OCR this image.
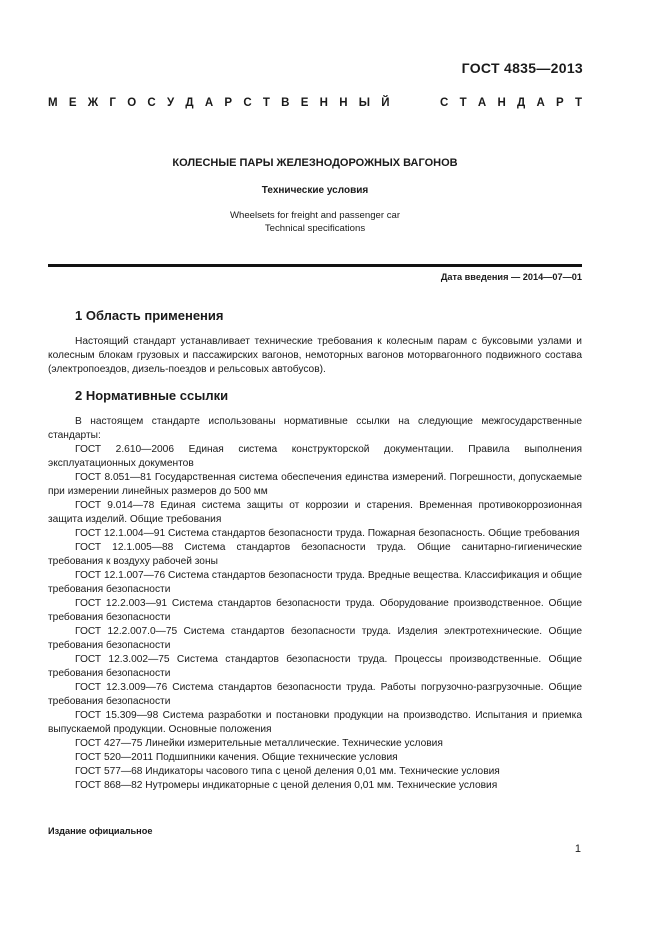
ГОСТ 4835—2013
М Е Ж Г О С У Д А Р С Т В Е Н Н Ы Й	С Т А Н Д А Р Т
КОЛЕСНЫЕ ПАРЫ ЖЕЛЕЗНОДОРОЖНЫХ ВАГОНОВ
Технические условия
Wheelsets for freight and passenger car
Technical specifications
Дата введения — 2014—07—01
1 Область применения

Настоящий стандарт устанавливает технические требования к колесным парам с буксовыми узлами и колесным блокам грузовых и пассажирских вагонов, немоторных вагонов моторвагонного подвижного состава (электропоездов, дизель-поездов и рельсовых автобусов).

2 Нормативные ссылки

В настоящем стандарте использованы нормативные ссылки на следующие межгосударственные стандарты:

ГОСТ 2.610—2006 Единая система конструкторской документации. Правила выполнения эксплуатационных документов

ГОСТ 8.051—81 Государственная система обеспечения единства измерений. Погрешности, допускаемые при измерении линейных размеров до 500 мм

ГОСТ 9.014—78 Единая система защиты от коррозии и старения. Временная противокоррозионная защита изделий. Общие требования

ГОСТ 12.1.004—91 Система стандартов безопасности труда. Пожарная безопасность. Общие требования

ГОСТ 12.1.005—88 Система стандартов безопасности труда. Общие санитарно-гигиенические требования к воздуху рабочей зоны

ГОСТ 12.1.007—76 Система стандартов безопасности труда. Вредные вещества. Классификация и общие требования безопасности

ГОСТ 12.2.003—91 Система стандартов безопасности труда. Оборудование производственное. Общие требования безопасности

ГОСТ 12.2.007.0—75 Система стандартов безопасности труда. Изделия электротехнические. Общие требования безопасности

ГОСТ 12.3.002—75 Система стандартов безопасности труда. Процессы производственные. Общие требования безопасности

ГОСТ 12.3.009—76 Система стандартов безопасности труда. Работы погрузочно-разгрузочные. Общие требования безопасности

ГОСТ 15.309—98 Система разработки и постановки продукции на производство. Испытания и приемка выпускаемой продукции. Основные положения

ГОСТ 427—75 Линейки измерительные металлические. Технические условия

ГОСТ 520—2011 Подшипники качения. Общие технические условия

ГОСТ 577—68 Индикаторы часового типа с ценой деления 0,01 мм. Технические условия

ГОСТ 868—82 Нутромеры индикаторные с ценой деления 0,01 мм. Технические условия

Издание официальное
1
